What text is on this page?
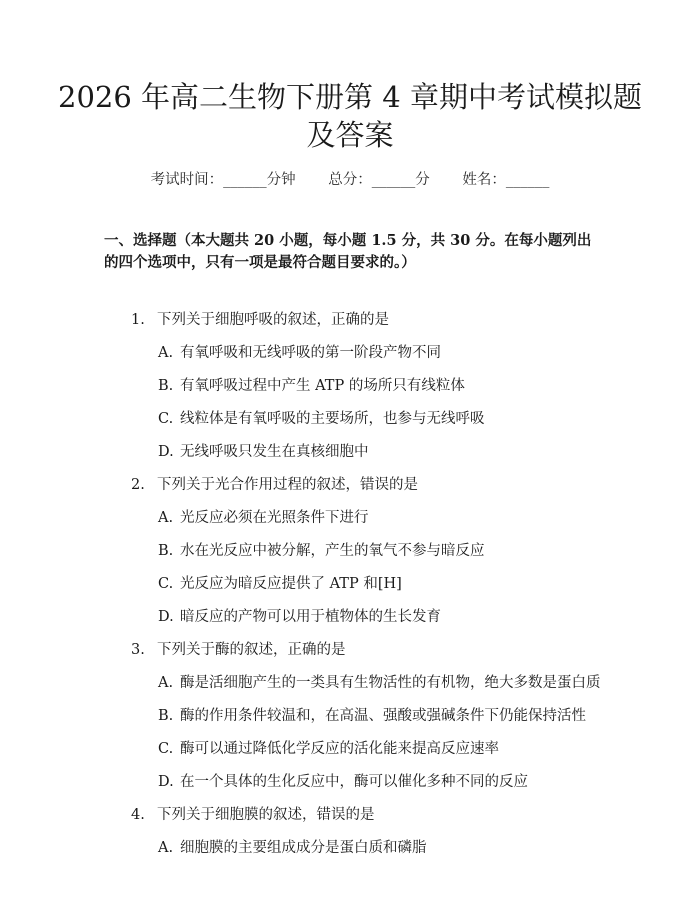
2026 年高二生物下册第 4 章期中考试模拟题
及答案
考试时间：______分钟 总分：______分 姓名：______
一、选择题（本大题共 20 小题，每小题 1.5 分，共 30 分。在每小题列出的四个选项中，只有一项是最符合题目要求的。）
1. 下列关于细胞呼吸的叙述，正确的是
A. 有氧呼吸和无线呼吸的第一阶段产物不同
B. 有氧呼吸过程中产生 ATP 的场所只有线粒体
C. 线粒体是有氧呼吸的主要场所，也参与无线呼吸
D. 无线呼吸只发生在真核细胞中
2. 下列关于光合作用过程的叙述，错误的是
A. 光反应必须在光照条件下进行
B. 水在光反应中被分解，产生的氧气不参与暗反应
C. 光反应为暗反应提供了 ATP 和[H]
D. 暗反应的产物可以用于植物体的生长发育
3. 下列关于酶的叙述，正确的是
A. 酶是活细胞产生的一类具有生物活性的有机物，绝大多数是蛋白质
B. 酶的作用条件较温和，在高温、强酸或强碱条件下仍能保持活性
C. 酶可以通过降低化学反应的活化能来提高反应速率
D. 在一个具体的生化反应中，酶可以催化多种不同的反应
4. 下列关于细胞膜的叙述，错误的是
A. 细胞膜的主要组成成分是蛋白质和磷脂
